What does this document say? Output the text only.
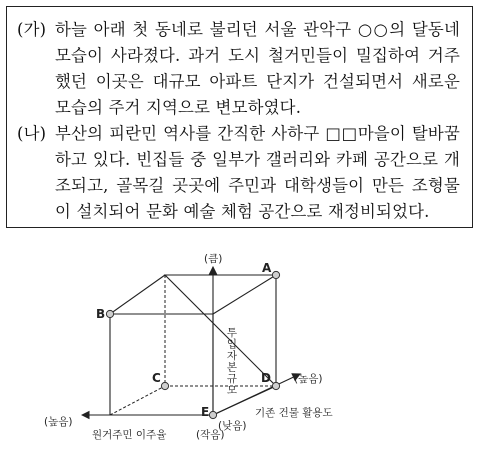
(가) 하늘 아래 첫 동네로 불리던 서울 관악구 ○○의 달동네 모습이 사라졌다. 과거 도시 철거민들이 밀집하여 거주했던 이곳은 대규모 아파트 단지가 건설되면서 새로운 모습의 주거 지역으로 변모하였다.
(나) 부산의 피란민 역사를 간직한 사하구 □□마을이 탈바꿈하고 있다. 빈집들 중 일부가 갤러리와 카페 공간으로 개조되고, 골목길 곳곳에 주민과 대학생들이 만든 조형물이 설치되어 문화 예술 체험 공간으로 재정비되었다.
A
B
C	D
E
(큼)
투 입 자 본 규 모
(작음)
(높음)
기존 건물 활용도
(낮음)
(높음)
원거주민 이주율
